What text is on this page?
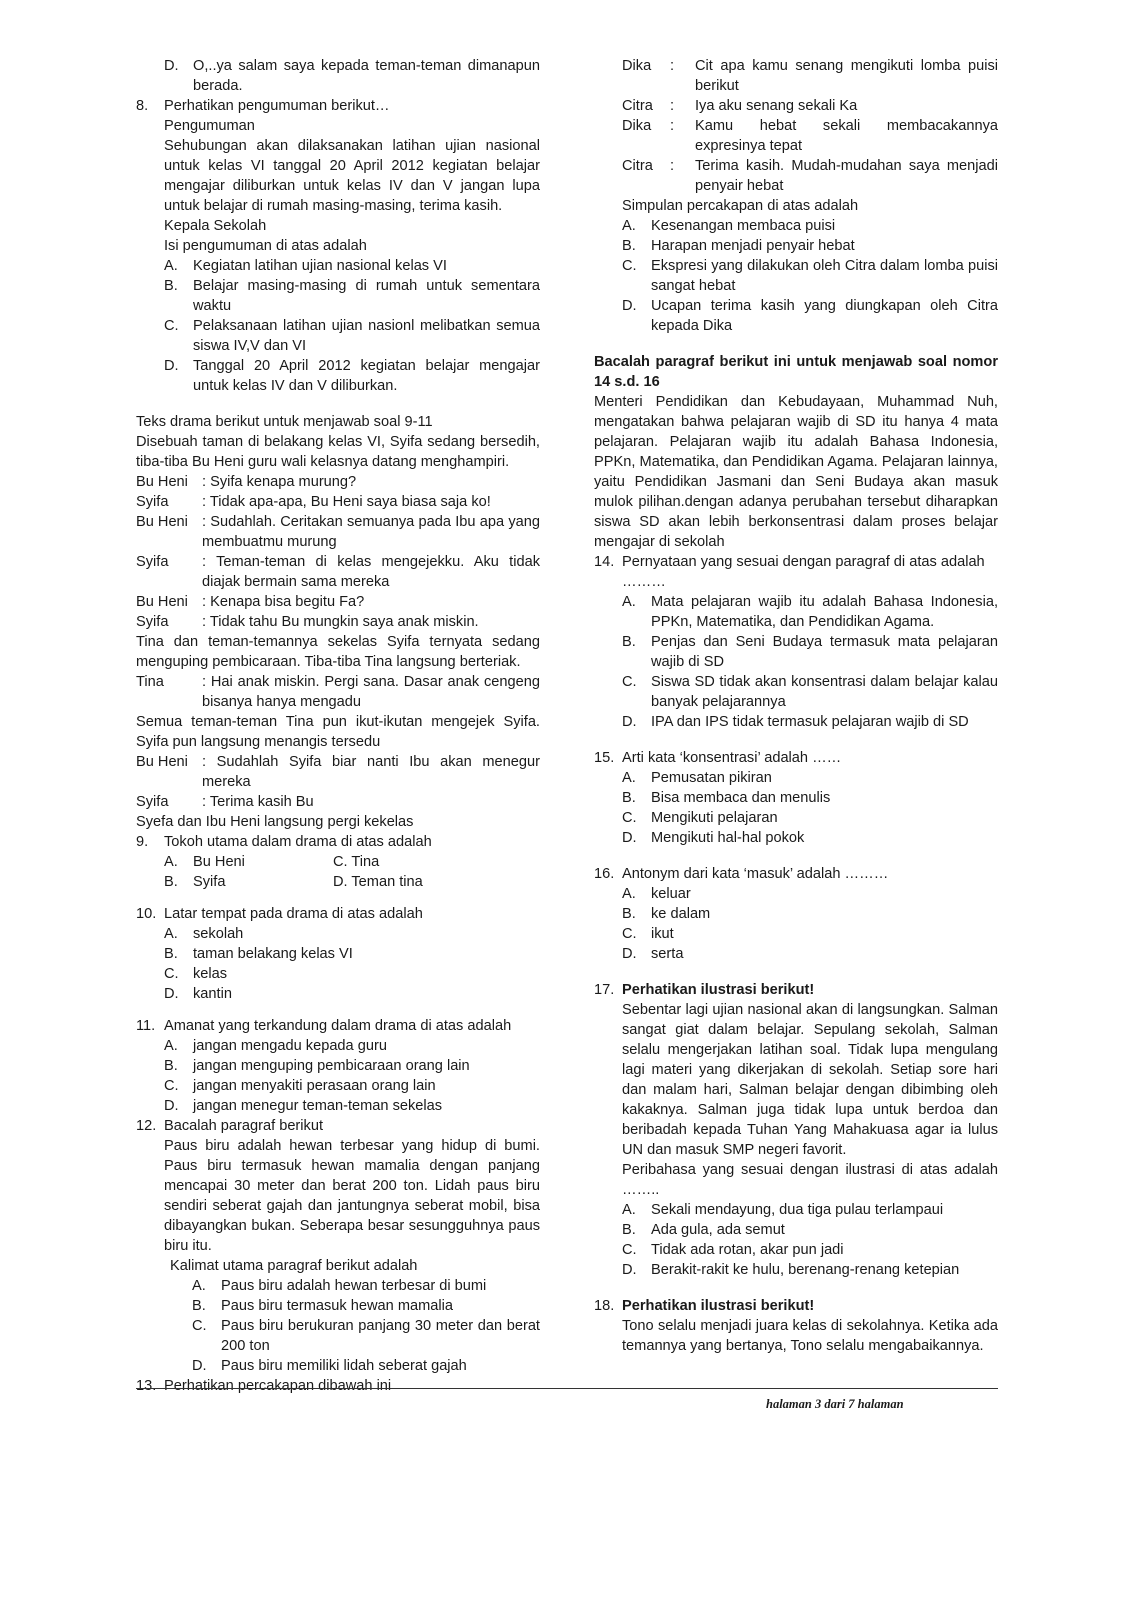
D. O,..ya salam saya kepada teman-teman dimanapun berada.
8. Perhatikan pengumuman berikut…

Pengumuman

Sehubungan akan dilaksanakan latihan ujian nasional untuk kelas VI tanggal 20 April 2012 kegiatan belajar mengajar diliburkan untuk kelas IV dan V jangan lupa untuk belajar di rumah masing-masing, terima kasih.

Kepala Sekolah

Isi pengumuman di atas adalah

A. Kegiatan latihan ujian nasional kelas VI
B. Belajar masing-masing di rumah untuk sementara waktu
C. Pelaksanaan latihan ujian nasionl melibatkan semua siswa IV,V dan VI
D. Tanggal 20 April 2012 kegiatan belajar mengajar untuk kelas IV dan V diliburkan.

Teks drama berikut untuk menjawab soal 9-11

Disebuah taman di belakang kelas VI, Syifa sedang bersedih, tiba-tiba Bu Heni guru wali kelasnya datang menghampiri.

Bu Heni : Syifa kenapa murung?
Syifa : Tidak apa-apa, Bu Heni saya biasa saja ko!
Bu Heni : Sudahlah. Ceritakan semuanya pada Ibu apa yang membuatmu murung
Syifa : Teman-teman di kelas mengejekku. Aku tidak diajak bermain sama mereka
Bu Heni : Kenapa bisa begitu Fa?
Syifa : Tidak tahu Bu mungkin saya anak miskin.

Tina dan teman-temannya sekelas Syifa ternyata sedang menguping pembicaraan. Tiba-tiba Tina langsung berteriak.

Tina	: Hai anak miskin. Pergi sana. Dasar anak cengeng bisanya hanya mengadu

Semua teman-teman Tina pun ikut-ikutan mengejek Syifa. Syifa pun langsung menangis tersedu

Bu Heni : Sudahlah Syifa biar nanti Ibu akan menegur mereka
Syifa : Terima kasih Bu

Syefa dan Ibu Heni langsung pergi kekelas

9. Tokoh utama dalam drama di atas adalah

A. Bu Heni	C. Tina
B. Syifa	D. Teman tina
10. Latar tempat pada drama di atas adalah

A. sekolah
B. taman belakang kelas VI
C. kelas
D. kantin
11. Amanat yang terkandung dalam drama di atas adalah

A. jangan mengadu kepada guru
B. jangan menguping pembicaraan orang lain
C. jangan menyakiti perasaan orang lain
D. jangan menegur teman-teman sekelas
12. Bacalah paragraf berikut

Paus biru adalah hewan terbesar yang hidup di bumi. Paus biru termasuk hewan mamalia dengan panjang mencapai 30 meter dan berat 200 ton. Lidah paus biru sendiri seberat gajah dan jantungnya seberat mobil, bisa dibayangkan bukan. Seberapa besar sesungguhnya paus biru itu.

Kalimat utama paragraf berikut adalah

A. Paus biru adalah hewan terbesar di bumi
B. Paus biru termasuk hewan mamalia
C. Paus biru berukuran panjang 30 meter dan berat 200 ton
D. Paus biru memiliki lidah seberat gajah
13. Perhatikan percakapan dibawah ini

Dika : Cit apa kamu senang mengikuti lomba puisi berikut
Citra : Iya aku senang sekali Ka
Dika : Kamu hebat sekali membacakannya expresinya tepat
Citra : Terima kasih. Mudah-mudahan saya menjadi penyair hebat

Simpulan percakapan di atas adalah

A. Kesenangan membaca puisi
B. Harapan menjadi penyair hebat
C. Ekspresi yang dilakukan oleh Citra dalam lomba puisi sangat hebat
D. Ucapan terima kasih yang diungkapan oleh Citra kepada Dika

Bacalah paragraf berikut ini untuk menjawab soal nomor 14 s.d. 16

Menteri Pendidikan dan Kebudayaan, Muhammad Nuh, mengatakan bahwa pelajaran wajib di SD itu hanya 4 mata pelajaran. Pelajaran wajib itu adalah Bahasa Indonesia, PPKn, Matematika, dan Pendidikan Agama. Pelajaran lainnya, yaitu Pendidikan Jasmani dan Seni Budaya akan masuk mulok pilihan.dengan adanya perubahan tersebut diharapkan siswa SD akan lebih berkonsentrasi dalam proses belajar mengajar di sekolah

14. Pernyataan yang sesuai dengan paragraf di atas adalah ………

A. Mata pelajaran wajib itu adalah Bahasa Indonesia, PPKn, Matematika, dan Pendidikan Agama.
B. Penjas dan Seni Budaya termasuk mata pelajaran wajib di SD
C. Siswa SD tidak akan konsentrasi dalam belajar kalau banyak pelajarannya
D. IPA dan IPS tidak termasuk pelajaran wajib di SD
15. Arti kata ‘konsentrasi’ adalah ……

A. Pemusatan pikiran
B. Bisa membaca dan menulis
C. Mengikuti pelajaran
D. Mengikuti hal-hal pokok
16. Antonym dari kata ‘masuk’ adalah ………

A. keluar
B. ke dalam
C. ikut
D. serta
17. Perhatikan ilustrasi berikut!

Sebentar lagi ujian nasional akan di langsungkan. Salman sangat giat dalam belajar. Sepulang sekolah, Salman selalu mengerjakan latihan soal. Tidak lupa mengulang lagi materi yang dikerjakan di sekolah. Setiap sore hari dan malam hari, Salman belajar dengan dibimbing oleh kakaknya. Salman juga tidak lupa untuk berdoa dan beribadah kepada Tuhan Yang Mahakuasa agar ia lulus UN dan masuk SMP negeri favorit.

Peribahasa yang sesuai dengan ilustrasi di atas adalah ……..

A. Sekali mendayung, dua tiga pulau terlampaui
B. Ada gula, ada semut
C. Tidak ada rotan, akar pun jadi
D. Berakit-rakit ke hulu, berenang-renang ketepian
18. Perhatikan ilustrasi berikut!

Tono selalu menjadi juara kelas di sekolahnya. Ketika ada temannya yang bertanya, Tono selalu mengabaikannya.

halaman 3 dari 7 halaman
